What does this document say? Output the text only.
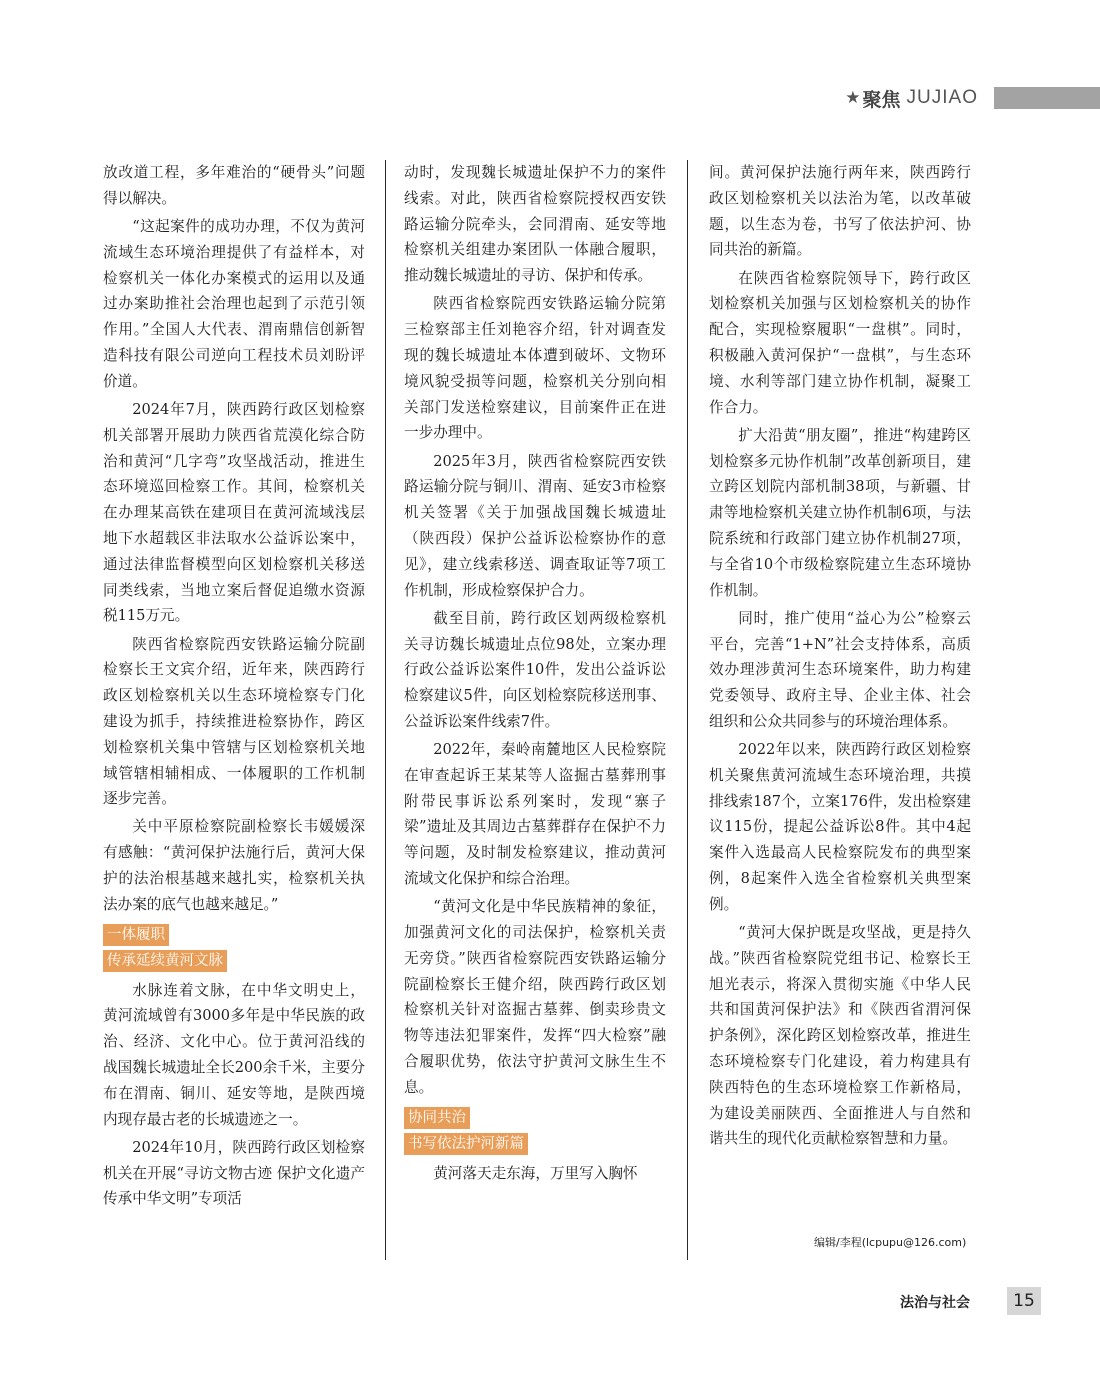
★ 聚焦 JUJIAO

放改道工程，多年难治的“硬骨头”问题得以解决。

“这起案件的成功办理，不仅为黄河流域生态环境治理提供了有益样本，对检察机关一体化办案模式的运用以及通过办案助推社会治理也起到了示范引领作用。”全国人大代表、渭南鼎信创新智造科技有限公司逆向工程技术员刘盼评价道。

2024年7月，陕西跨行政区划检察机关部署开展助力陕西省荒漠化综合防治和黄河“几字弯”攻坚战活动，推进生态环境巡回检察工作。其间，检察机关在办理某高铁在建项目在黄河流域浅层地下水超载区非法取水公益诉讼案中，通过法律监督模型向区划检察机关移送同类线索，当地立案后督促追缴水资源税115万元。

陕西省检察院西安铁路运输分院副检察长王文宾介绍，近年来，陕西跨行政区划检察机关以生态环境检察专门化建设为抓手，持续推进检察协作，跨区划检察机关集中管辖与区划检察机关地域管辖相辅相成、一体履职的工作机制逐步完善。

关中平原检察院副检察长韦媛媛深有感触：“黄河保护法施行后，黄河大保护的法治根基越来越扎实，检察机关执法办案的底气也越来越足。”

一体履职
传承延续黄河文脉

水脉连着文脉，在中华文明史上，黄河流域曾有3000多年是中华民族的政治、经济、文化中心。位于黄河沿线的战国魏长城遗址全长200余千米，主要分布在渭南、铜川、延安等地，是陕西境内现存最古老的长城遗迹之一。

2024年10月，陕西跨行政区划检察机关在开展“寻访文物古迹 保护文化遗产 传承中华文明”专项活

动时，发现魏长城遗址保护不力的案件线索。对此，陕西省检察院授权西安铁路运输分院牵头，会同渭南、延安等地检察机关组建办案团队一体融合履职，推动魏长城遗址的寻访、保护和传承。

陕西省检察院西安铁路运输分院第三检察部主任刘艳容介绍，针对调查发现的魏长城遗址本体遭到破坏、文物环境风貌受损等问题，检察机关分别向相关部门发送检察建议，目前案件正在进一步办理中。

2025年3月，陕西省检察院西安铁路运输分院与铜川、渭南、延安3市检察机关签署《关于加强战国魏长城遗址（陕西段）保护公益诉讼检察协作的意见》，建立线索移送、调查取证等7项工作机制，形成检察保护合力。

截至目前，跨行政区划两级检察机关寻访魏长城遗址点位98处，立案办理行政公益诉讼案件10件，发出公益诉讼检察建议5件，向区划检察院移送刑事、公益诉讼案件线索7件。

2022年，秦岭南麓地区人民检察院在审查起诉王某某等人盗掘古墓葬刑事附带民事诉讼系列案时，发现“寨子梁”遗址及其周边古墓葬群存在保护不力等问题，及时制发检察建议，推动黄河流域文化保护和综合治理。

“黄河文化是中华民族精神的象征，加强黄河文化的司法保护，检察机关责无旁贷。”陕西省检察院西安铁路运输分院副检察长王健介绍，陕西跨行政区划检察机关针对盗掘古墓葬、倒卖珍贵文物等违法犯罪案件，发挥“四大检察”融合履职优势，依法守护黄河文脉生生不息。

协同共治
书写依法护河新篇

黄河落天走东海，万里写入胸怀

间。黄河保护法施行两年来，陕西跨行政区划检察机关以法治为笔，以改革破题，以生态为卷，书写了依法护河、协同共治的新篇。

在陕西省检察院领导下，跨行政区划检察机关加强与区划检察机关的协作配合，实现检察履职“一盘棋”。同时，积极融入黄河保护“一盘棋”，与生态环境、水利等部门建立协作机制，凝聚工作合力。

扩大沿黄“朋友圈”，推进“构建跨区划检察多元协作机制”改革创新项目，建立跨区划院内部机制38项，与新疆、甘肃等地检察机关建立协作机制6项，与法院系统和行政部门建立协作机制27项，与全省10个市级检察院建立生态环境协作机制。

同时，推广使用“益心为公”检察云平台，完善“1+N”社会支持体系，高质效办理涉黄河生态环境案件，助力构建党委领导、政府主导、企业主体、社会组织和公众共同参与的环境治理体系。

2022年以来，陕西跨行政区划检察机关聚焦黄河流域生态环境治理，共摸排线索187个，立案176件，发出检察建议115份，提起公益诉讼8件。其中4起案件入选最高人民检察院发布的典型案例，8起案件入选全省检察机关典型案例。

“黄河大保护既是攻坚战，更是持久战。”陕西省检察院党组书记、检察长王旭光表示，将深入贯彻实施《中华人民共和国黄河保护法》和《陕西省渭河保护条例》，深化跨区划检察改革，推进生态环境检察专门化建设，着力构建具有陕西特色的生态环境检察工作新格局，为建设美丽陕西、全面推进人与自然和谐共生的现代化贡献检察智慧和力量。

编辑/李程(lcpupu@126.com)
法治与社会	15
